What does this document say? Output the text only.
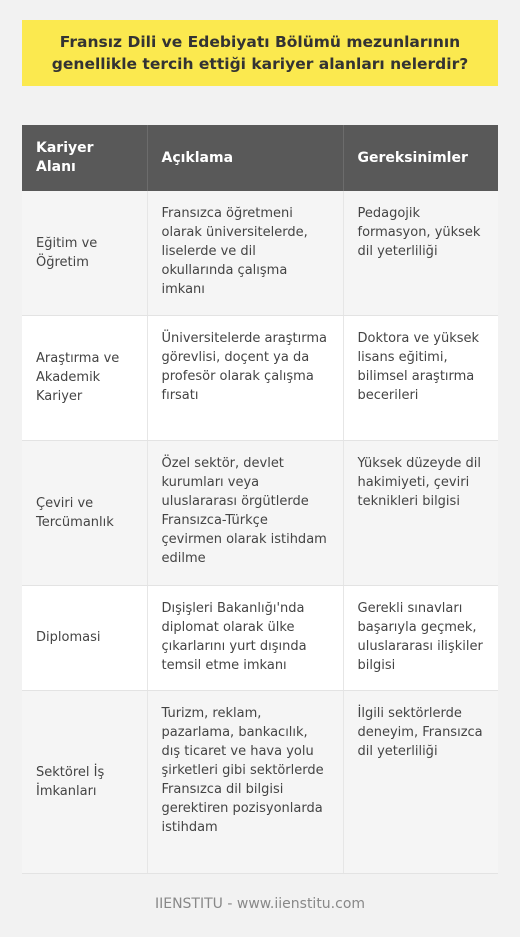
Fransız Dili ve Edebiyatı Bölümü mezunlarının genellikle tercih ettiği kariyer alanları nelerdir?
Kariyer Alanı	Açıklama	Gereksinimler
Eğitim ve Öğretim	Fransızca öğretmeni olarak üniversitelerde, liselerde ve dil okullarında çalışma imkanı	Pedagojik formasyon, yüksek dil yeterliliği
Araştırma ve Akademik Kariyer	Üniversitelerde araştırma görevlisi, doçent ya da profesör olarak çalışma fırsatı	Doktora ve yüksek lisans eğitimi, bilimsel araştırma becerileri
Çeviri ve Tercümanlık	Özel sektör, devlet kurumları veya uluslararası örgütlerde Fransızca-Türkçe çevirmen olarak istihdam edilme	Yüksek düzeyde dil hakimiyeti, çeviri teknikleri bilgisi
Diplomasi	Dışişleri Bakanlığı'nda diplomat olarak ülke çıkarlarını yurt dışında temsil etme imkanı	Gerekli sınavları başarıyla geçmek, uluslararası ilişkiler bilgisi
Sektörel İş İmkanları	Turizm, reklam, pazarlama, bankacılık, dış ticaret ve hava yolu şirketleri gibi sektörlerde Fransızca dil bilgisi gerektiren pozisyonlarda istihdam	İlgili sektörlerde deneyim, Fransızca dil yeterliliği
IIENSTITU - www.iienstitu.com
